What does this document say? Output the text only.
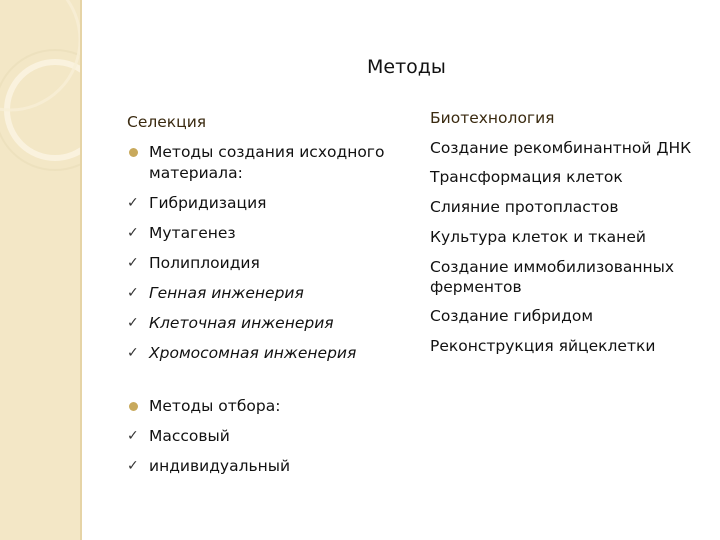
Методы
Селекция
Методы создания исходного материала:
✓ Гибридизация
✓ Мутагенез
✓ Полиплоидия
✓ Генная инженерия
✓ Клеточная инженерия
✓ Хромосомная инженерия
Методы отбора:
✓ Массовый
✓ индивидуальный
Биотехнология
Создание рекомбинантной ДНК
Трансформация клеток
Слияние протопластов
Культура клеток и тканей
Создание иммобилизованных ферментов
Создание гибридом
Реконструкция яйцеклетки
